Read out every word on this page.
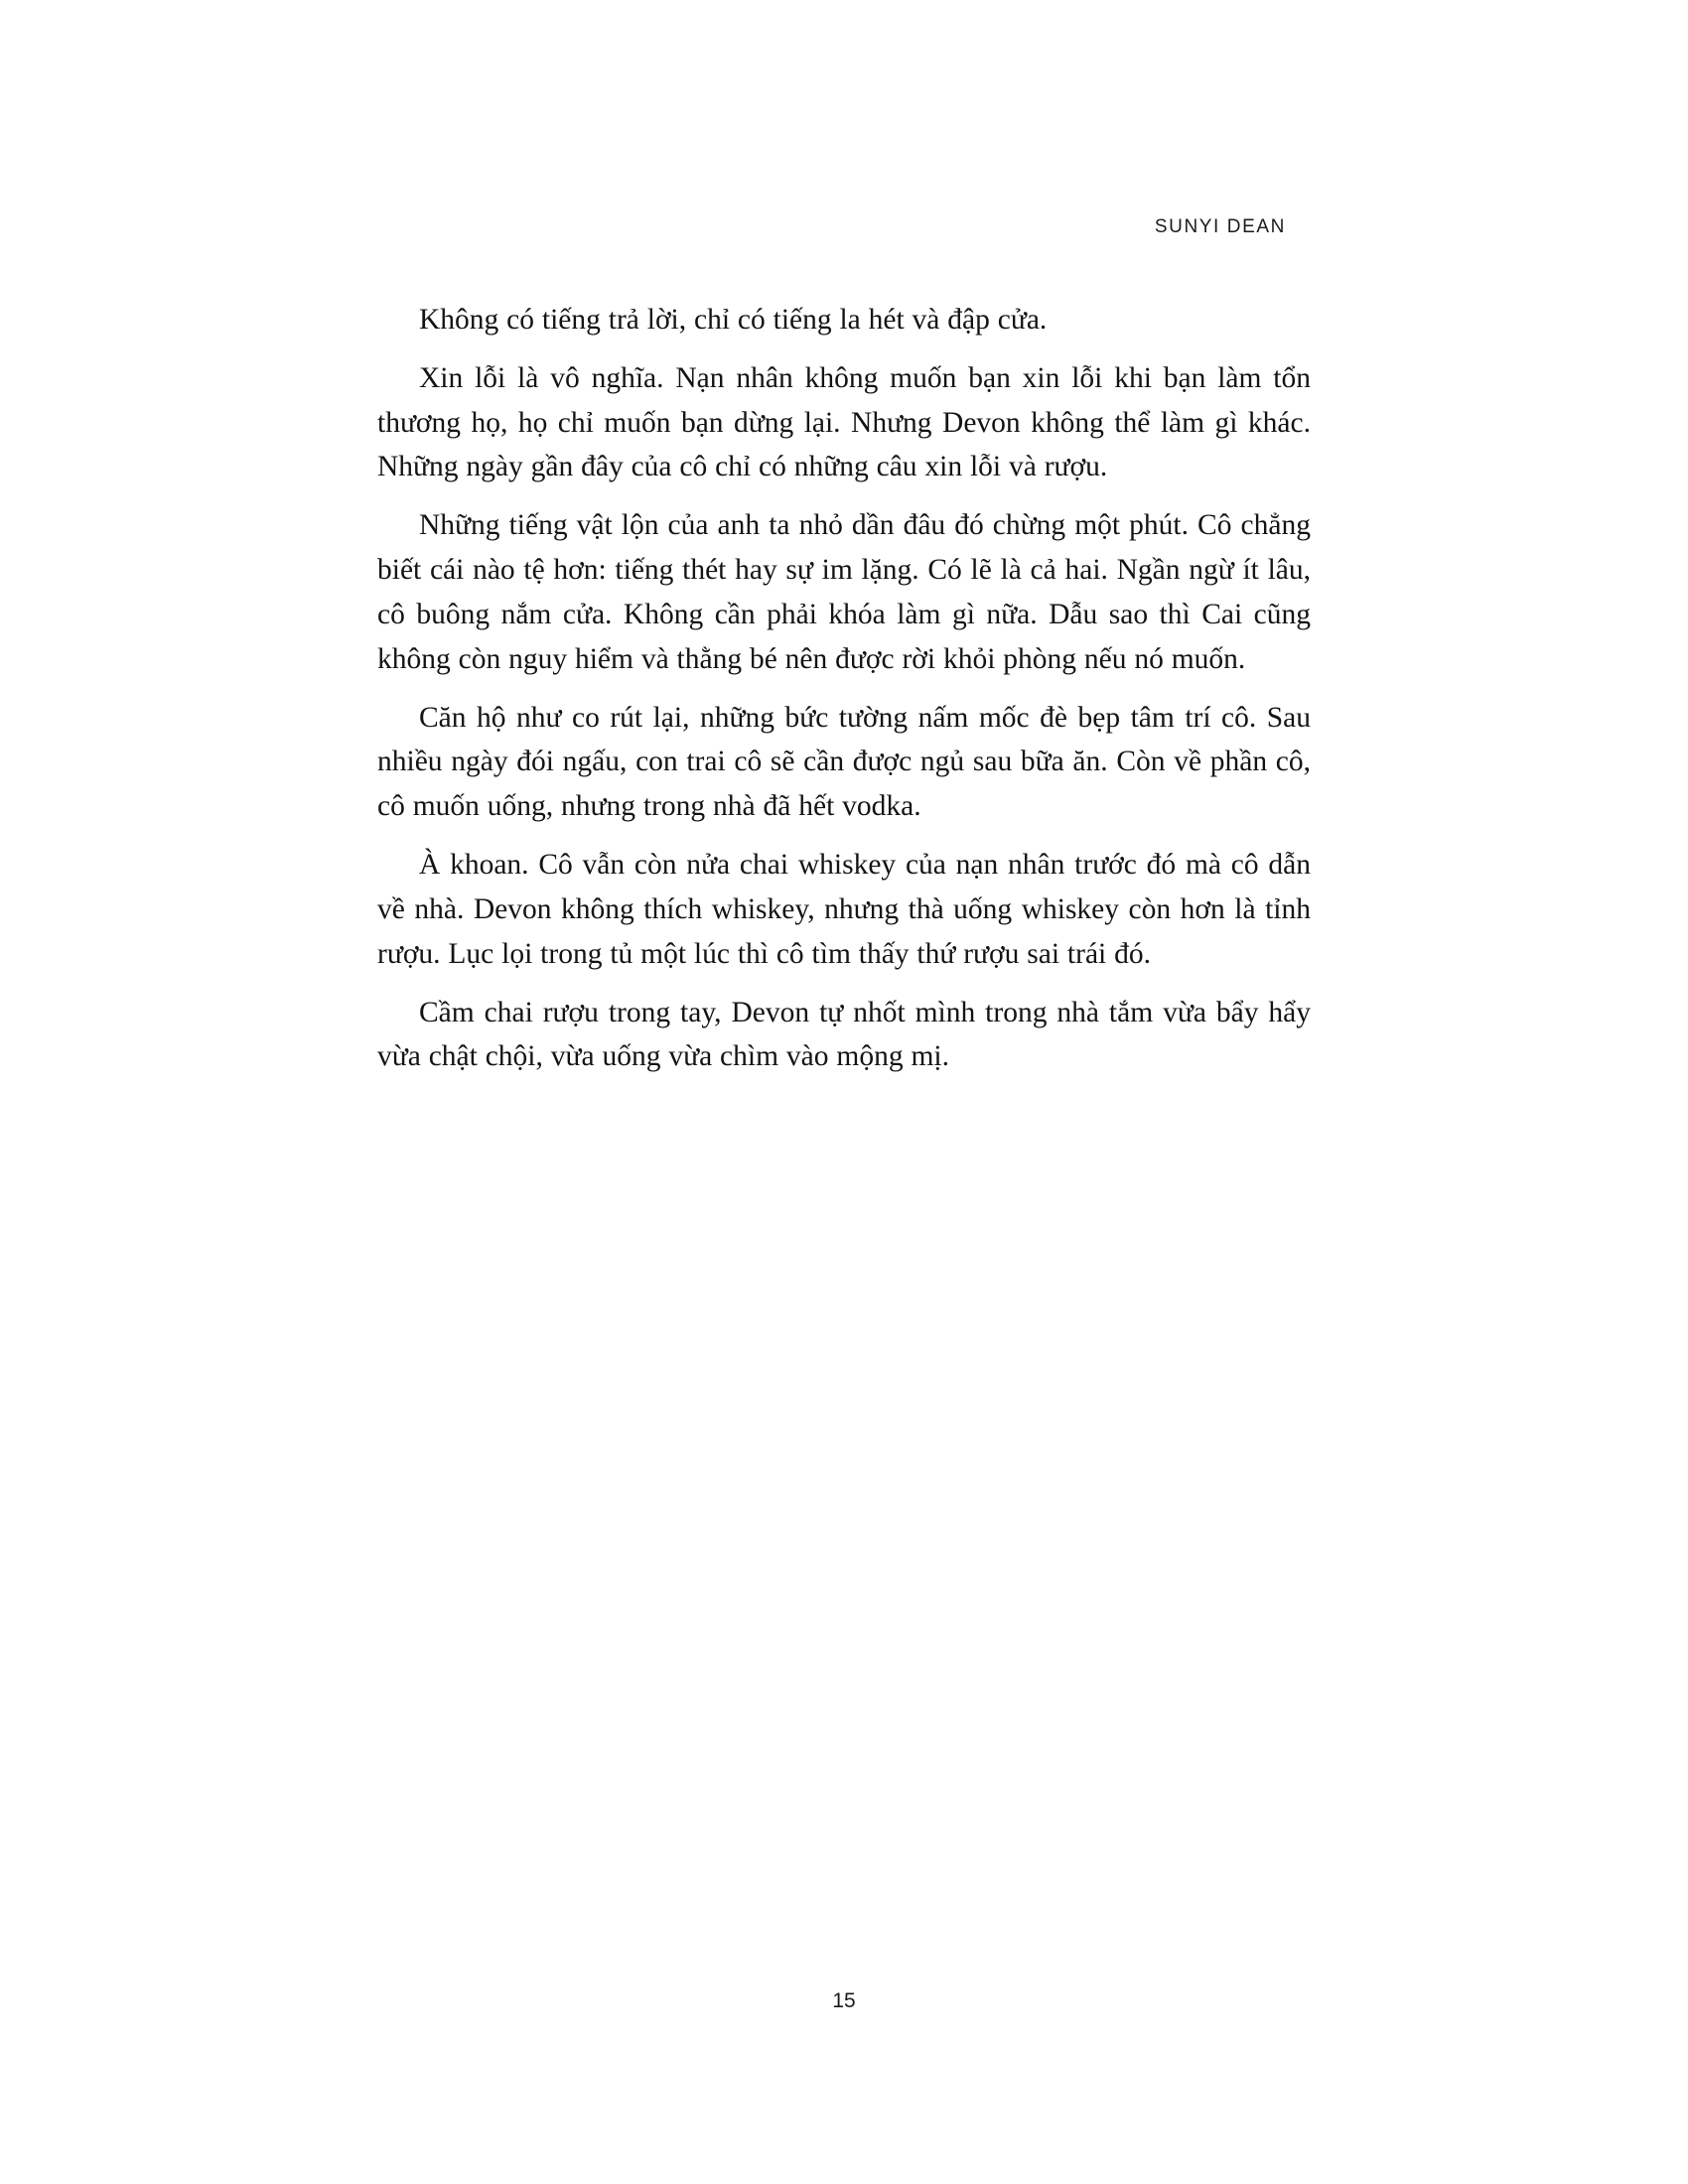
SUNYI DEAN

Không có tiếng trả lời, chỉ có tiếng la hét và đập cửa.

Xin lỗi là vô nghĩa. Nạn nhân không muốn bạn xin lỗi khi bạn làm tổn thương họ, họ chỉ muốn bạn dừng lại. Nhưng Devon không thể làm gì khác. Những ngày gần đây của cô chỉ có những câu xin lỗi và rượu.

Những tiếng vật lộn của anh ta nhỏ dần đâu đó chừng một phút. Cô chẳng biết cái nào tệ hơn: tiếng thét hay sự im lặng. Có lẽ là cả hai. Ngần ngừ ít lâu, cô buông nắm cửa. Không cần phải khóa làm gì nữa. Dẫu sao thì Cai cũng không còn nguy hiểm và thằng bé nên được rời khỏi phòng nếu nó muốn.

Căn hộ như co rút lại, những bức tường nấm mốc đè bẹp tâm trí cô. Sau nhiều ngày đói ngấu, con trai cô sẽ cần được ngủ sau bữa ăn. Còn về phần cô, cô muốn uống, nhưng trong nhà đã hết vodka.

À khoan. Cô vẫn còn nửa chai whiskey của nạn nhân trước đó mà cô dẫn về nhà. Devon không thích whiskey, nhưng thà uống whiskey còn hơn là tỉnh rượu. Lục lọi trong tủ một lúc thì cô tìm thấy thứ rượu sai trái đó.

Cầm chai rượu trong tay, Devon tự nhốt mình trong nhà tắm vừa bẩy hẩy vừa chật chội, vừa uống vừa chìm vào mộng mị.

15
